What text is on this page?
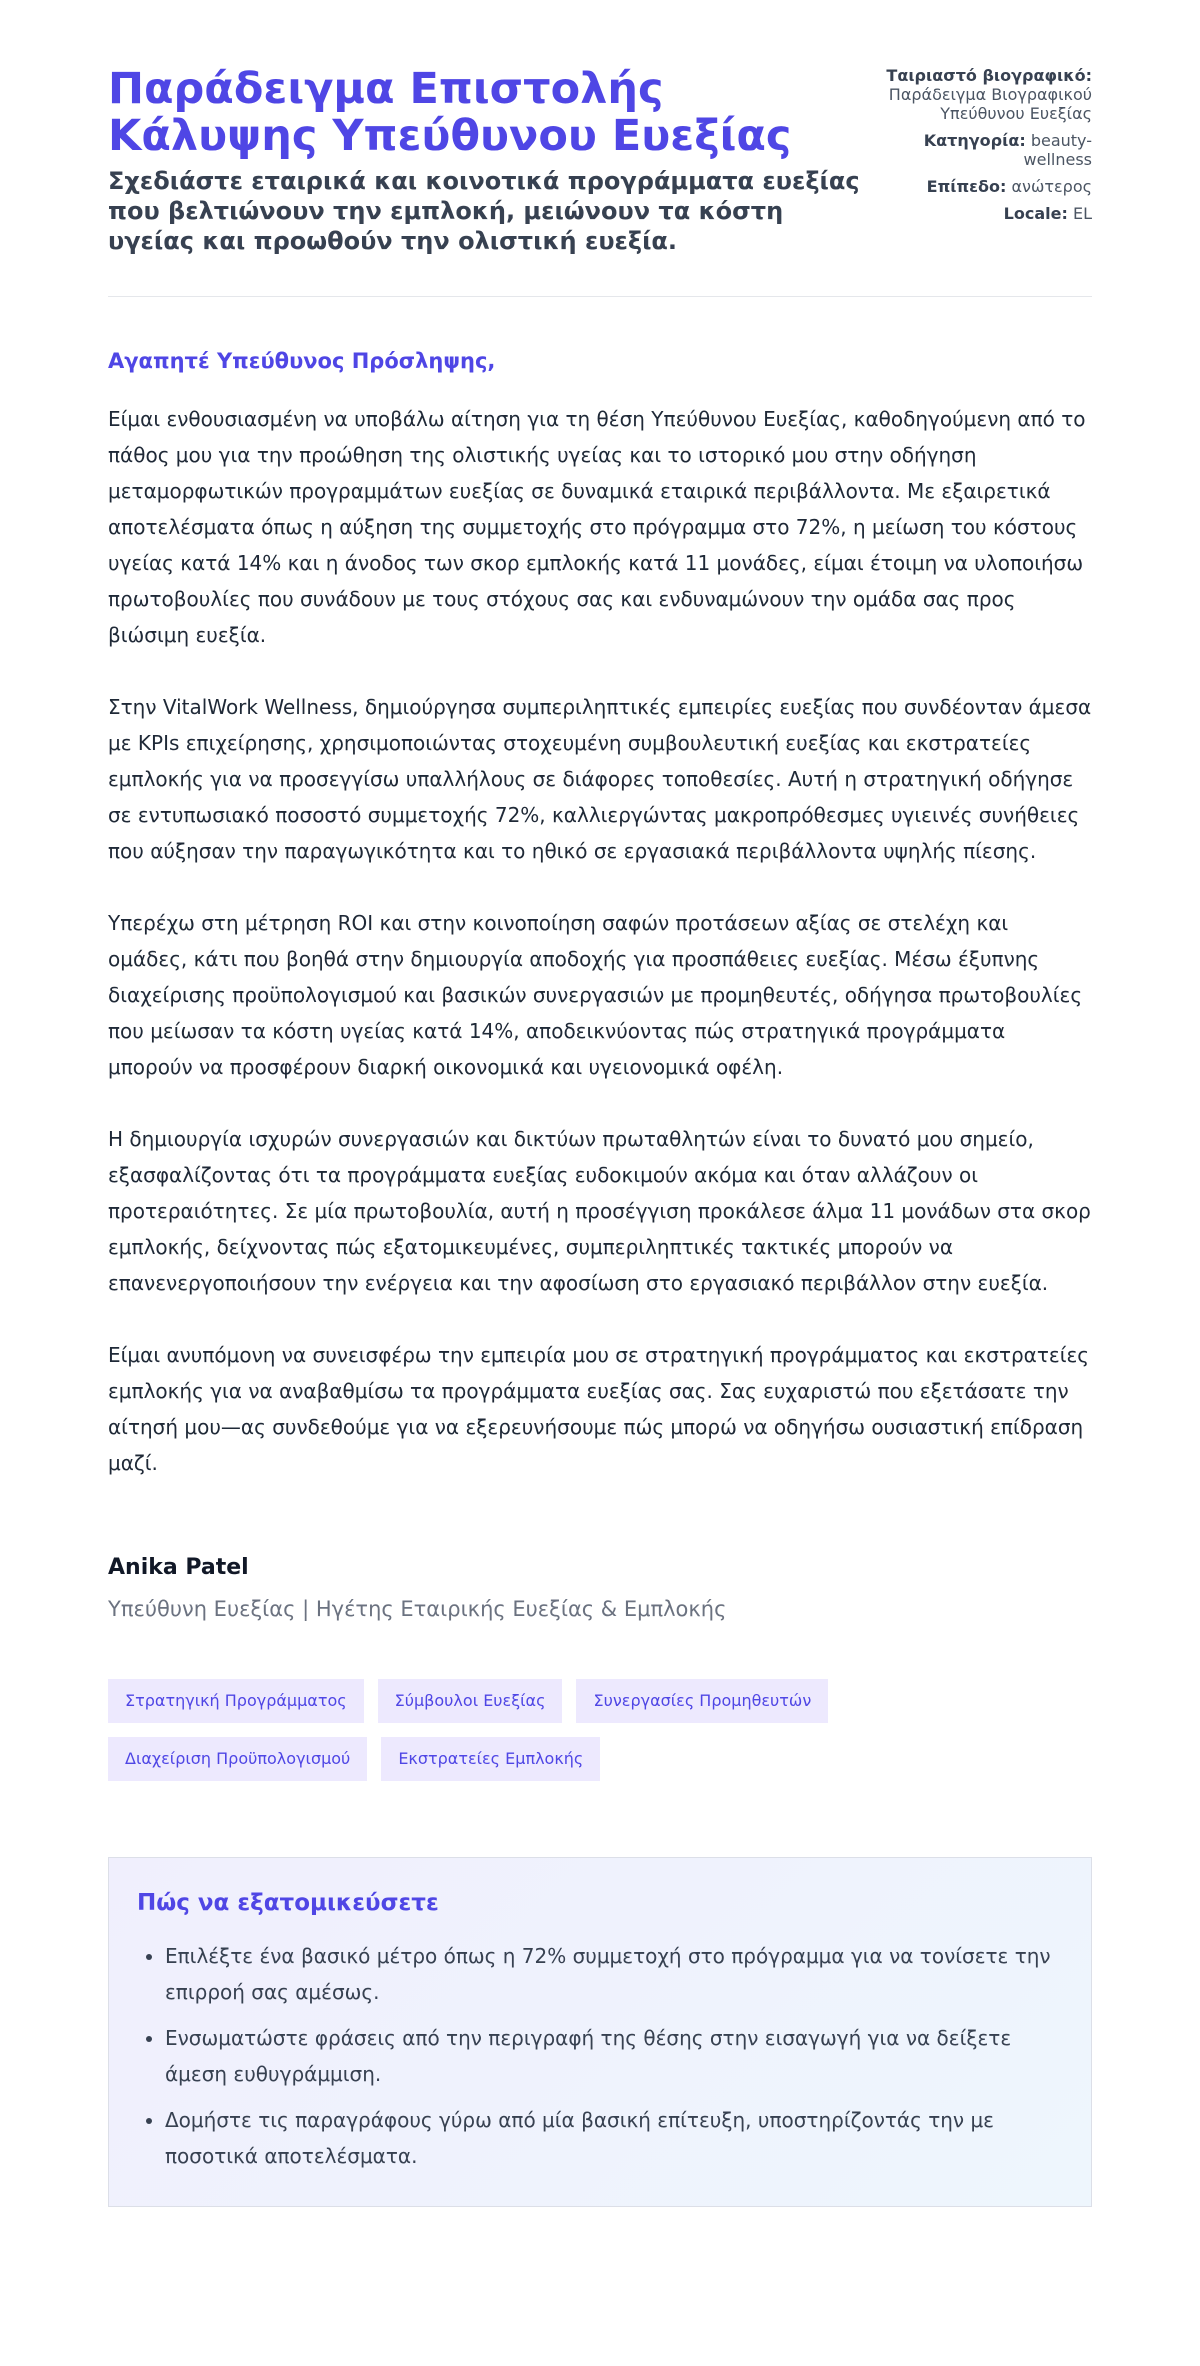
Παράδειγμα Επιστολής Κάλυψης Υπεύθυνου Ευεξίας

Σχεδιάστε εταιρικά και κοινοτικά προγράμματα ευεξίας που βελτιώνουν την εμπλοκή, μειώνουν τα κόστη υγείας και προωθούν την ολιστική ευεξία.

Ταιριαστό βιογραφικό: Παράδειγμα Βιογραφικού Υπεύθυνου Ευεξίας
Κατηγορία: beauty-wellness
Επίπεδο: ανώτερος
Locale: EL
Αγαπητέ Υπεύθυνος Πρόσληψης,

Είμαι ενθουσιασμένη να υποβάλω αίτηση για τη θέση Υπεύθυνου Ευεξίας, καθοδηγούμενη από το πάθος μου για την προώθηση της ολιστικής υγείας και το ιστορικό μου στην οδήγηση μεταμορφωτικών προγραμμάτων ευεξίας σε δυναμικά εταιρικά περιβάλλοντα. Με εξαιρετικά αποτελέσματα όπως η αύξηση της συμμετοχής στο πρόγραμμα στο 72%, η μείωση του κόστους υγείας κατά 14% και η άνοδος των σκορ εμπλοκής κατά 11 μονάδες, είμαι έτοιμη να υλοποιήσω πρωτοβουλίες που συνάδουν με τους στόχους σας και ενδυναμώνουν την ομάδα σας προς βιώσιμη ευεξία.

Στην VitalWork Wellness, δημιούργησα συμπεριληπτικές εμπειρίες ευεξίας που συνδέονταν άμεσα με KPIs επιχείρησης, χρησιμοποιώντας στοχευμένη συμβουλευτική ευεξίας και εκστρατείες εμπλοκής για να προσεγγίσω υπαλλήλους σε διάφορες τοποθεσίες. Αυτή η στρατηγική οδήγησε σε εντυπωσιακό ποσοστό συμμετοχής 72%, καλλιεργώντας μακροπρόθεσμες υγιεινές συνήθειες που αύξησαν την παραγωγικότητα και το ηθικό σε εργασιακά περιβάλλοντα υψηλής πίεσης.

Υπερέχω στη μέτρηση ROI και στην κοινοποίηση σαφών προτάσεων αξίας σε στελέχη και ομάδες, κάτι που βοηθά στην δημιουργία αποδοχής για προσπάθειες ευεξίας. Μέσω έξυπνης διαχείρισης προϋπολογισμού και βασικών συνεργασιών με προμηθευτές, οδήγησα πρωτοβουλίες που μείωσαν τα κόστη υγείας κατά 14%, αποδεικνύοντας πώς στρατηγικά προγράμματα μπορούν να προσφέρουν διαρκή οικονομικά και υγειονομικά οφέλη.

Η δημιουργία ισχυρών συνεργασιών και δικτύων πρωταθλητών είναι το δυνατό μου σημείο, εξασφαλίζοντας ότι τα προγράμματα ευεξίας ευδοκιμούν ακόμα και όταν αλλάζουν οι προτεραιότητες. Σε μία πρωτοβουλία, αυτή η προσέγγιση προκάλεσε άλμα 11 μονάδων στα σκορ εμπλοκής, δείχνοντας πώς εξατομικευμένες, συμπεριληπτικές τακτικές μπορούν να επανενεργοποιήσουν την ενέργεια και την αφοσίωση στο εργασιακό περιβάλλον στην ευεξία.

Είμαι ανυπόμονη να συνεισφέρω την εμπειρία μου σε στρατηγική προγράμματος και εκστρατείες εμπλοκής για να αναβαθμίσω τα προγράμματα ευεξίας σας. Σας ευχαριστώ που εξετάσατε την αίτησή μου—ας συνδεθούμε για να εξερευνήσουμε πώς μπορώ να οδηγήσω ουσιαστική επίδραση μαζί.

Anika Patel
Υπεύθυνη Ευεξίας | Ηγέτης Εταιρικής Ευεξίας & Εμπλοκής
Στρατηγική Προγράμματος	Σύμβουλοι Ευεξίας	Συνεργασίες Προμηθευτών
Διαχείριση Προϋπολογισμού	Εκστρατείες Εμπλοκής
Πώς να εξατομικεύσετε
• Επιλέξτε ένα βασικό μέτρο όπως η 72% συμμετοχή στο πρόγραμμα για να τονίσετε την επιρροή σας αμέσως.
• Ενσωματώστε φράσεις από την περιγραφή της θέσης στην εισαγωγή για να δείξετε άμεση ευθυγράμμιση.
• Δομήστε τις παραγράφους γύρω από μία βασική επίτευξη, υποστηρίζοντάς την με ποσοτικά αποτελέσματα.
